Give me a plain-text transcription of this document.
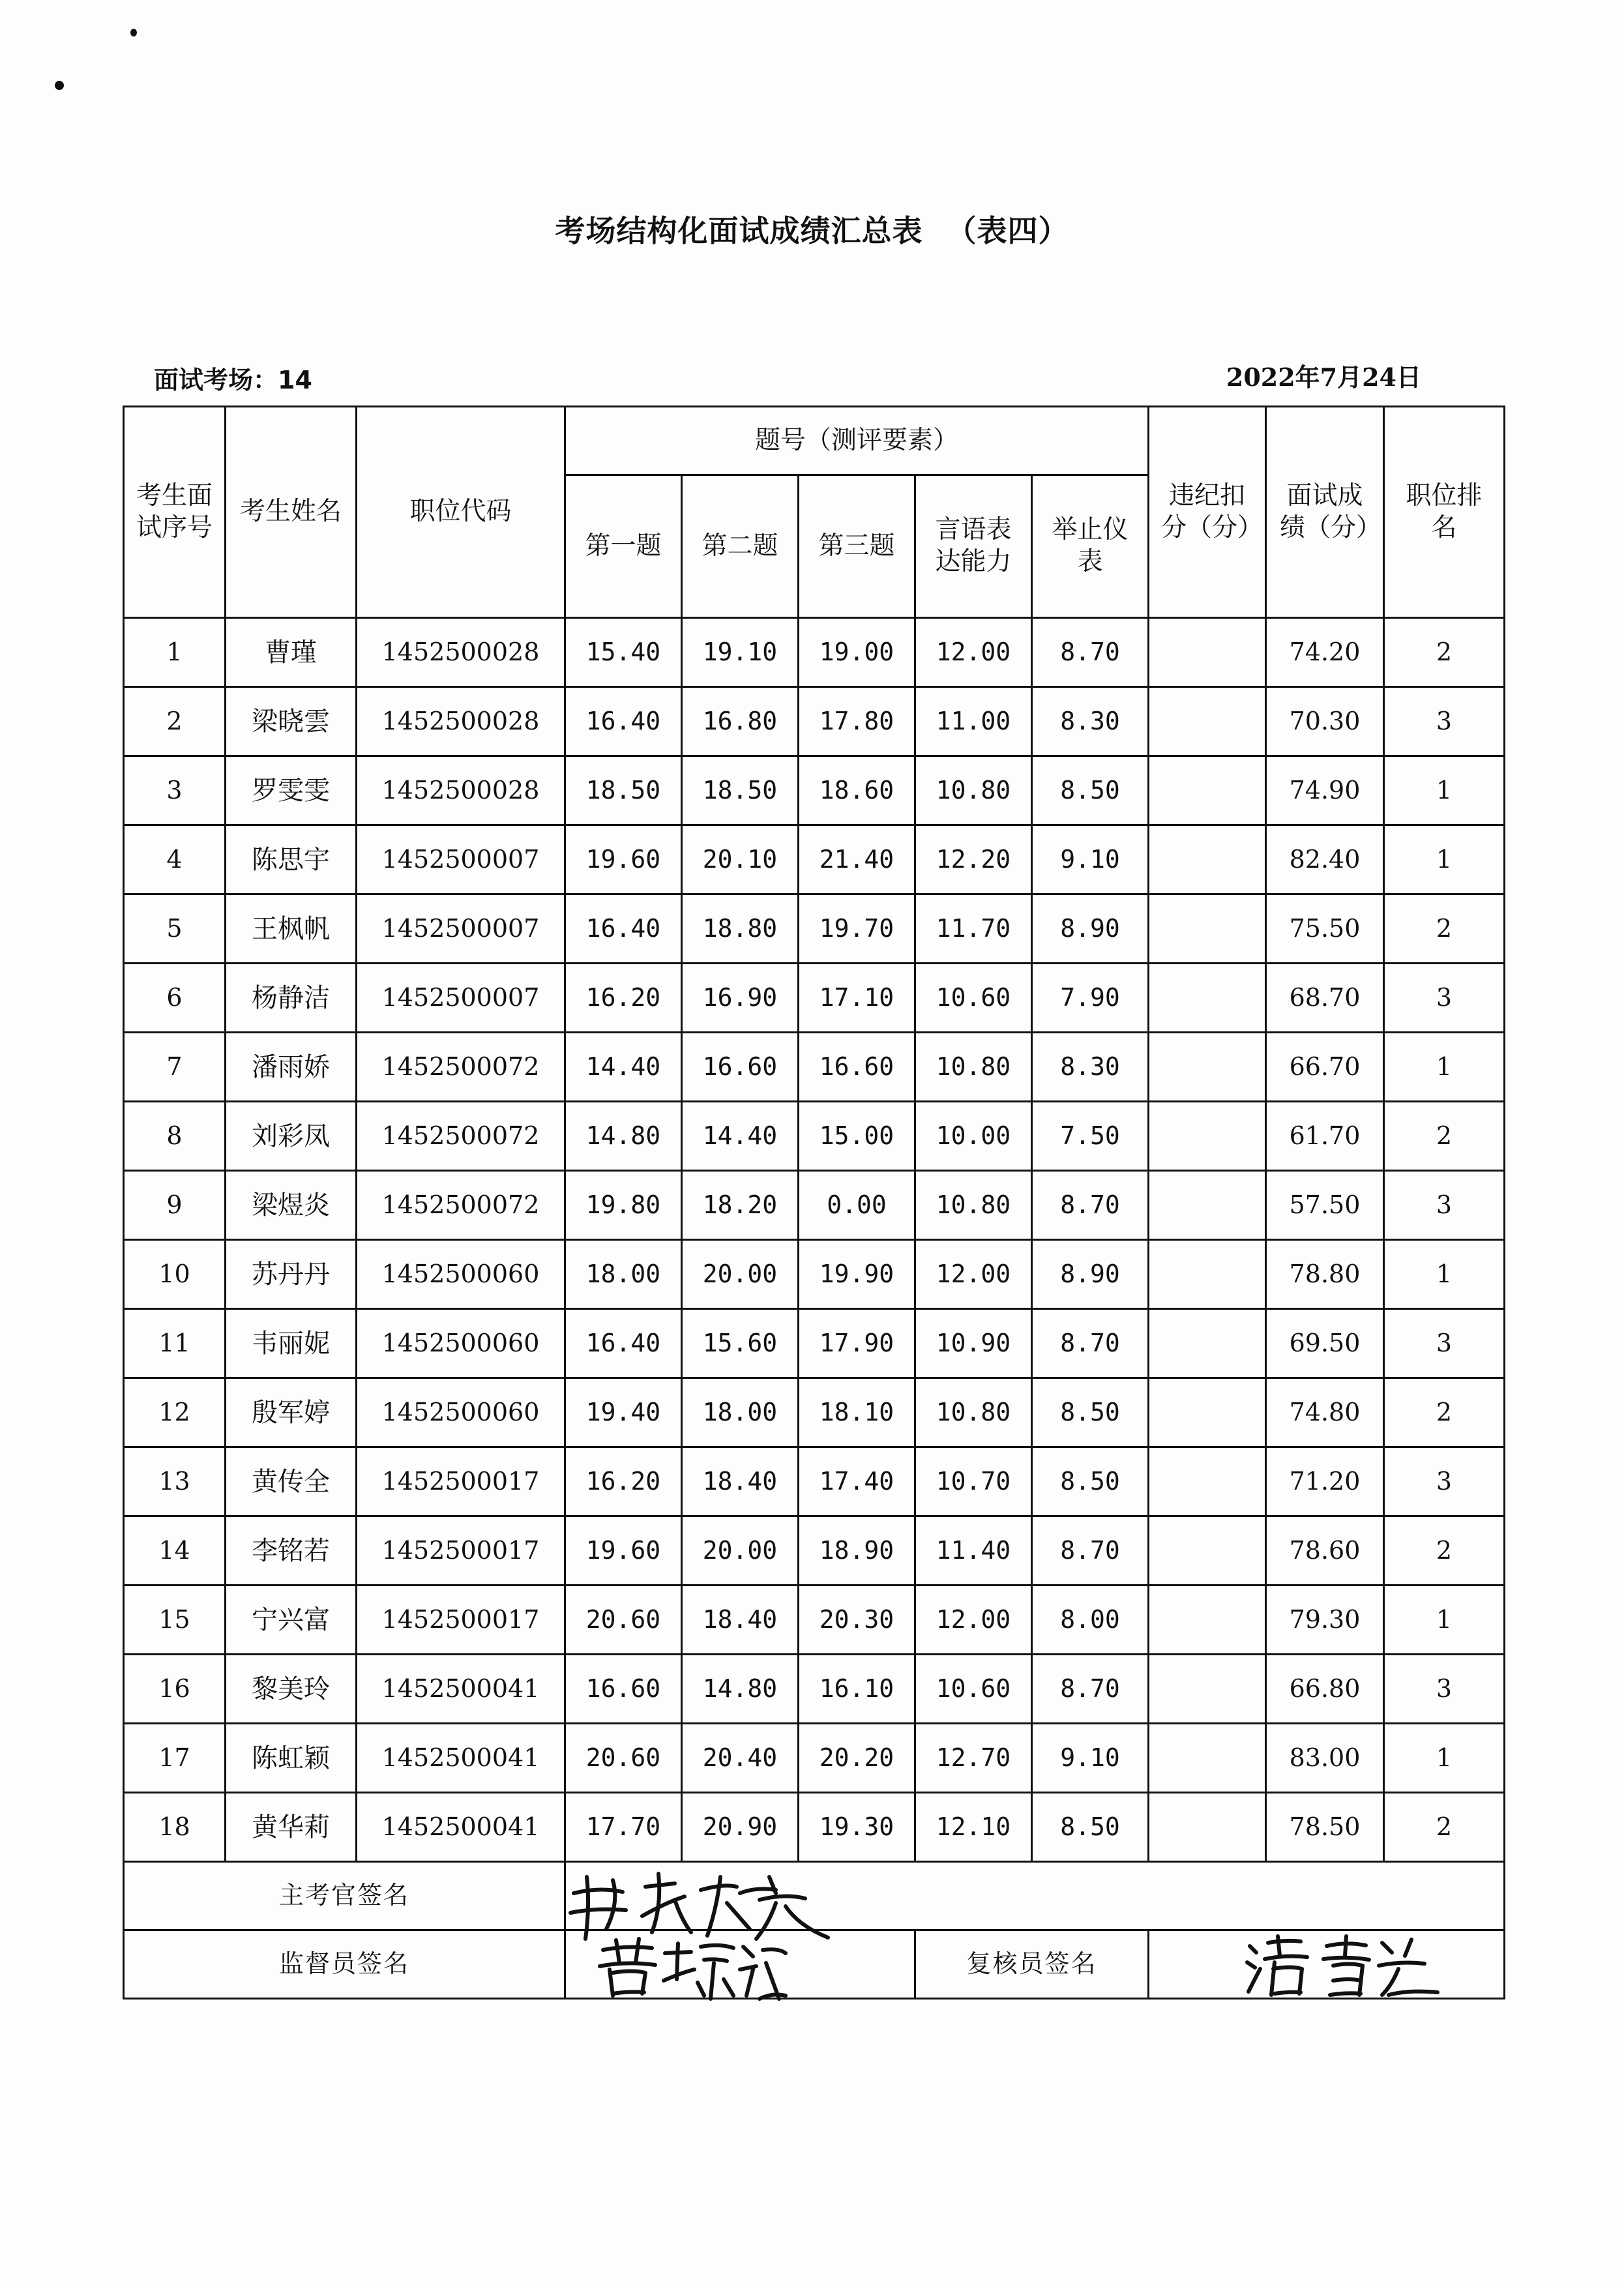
考场结构化面试成绩汇总表 （表四）
面试考场：14	2022年7月24日
考生面试序号	考生姓名	职位代码	题号（测评要素）					违纪扣分（分）	面试成绩（分）	职位排名
			第一题	第二题	第三题	言语表达能力	举止仪表			
1	曹瑾	1452500028	15.40	19.10	19.00	12.00	8.70		74.20	2
2	梁晓雲	1452500028	16.40	16.80	17.80	11.00	8.30		70.30	3
3	罗雯雯	1452500028	18.50	18.50	18.60	10.80	8.50		74.90	1
4	陈思宇	1452500007	19.60	20.10	21.40	12.20	9.10		82.40	1
5	王枫帆	1452500007	16.40	18.80	19.70	11.70	8.90		75.50	2
6	杨静洁	1452500007	16.20	16.90	17.10	10.60	7.90		68.70	3
7	潘雨娇	1452500072	14.40	16.60	16.60	10.80	8.30		66.70	1
8	刘彩凤	1452500072	14.80	14.40	15.00	10.00	7.50		61.70	2
9	梁煜炎	1452500072	19.80	18.20	0.00	10.80	8.70		57.50	3
10	苏丹丹	1452500060	18.00	20.00	19.90	12.00	8.90		78.80	1
11	韦丽妮	1452500060	16.40	15.60	17.90	10.90	8.70		69.50	3
12	殷军婷	1452500060	19.40	18.00	18.10	10.80	8.50		74.80	2
13	黄传全	1452500017	16.20	18.40	17.40	10.70	8.50		71.20	3
14	李铭若	1452500017	19.60	20.00	18.90	11.40	8.70		78.60	2
15	宁兴富	1452500017	20.60	18.40	20.30	12.00	8.00		79.30	1
16	黎美玲	1452500041	16.60	14.80	16.10	10.60	8.70		66.80	3
17	陈虹颖	1452500041	20.60	20.40	20.20	12.70	9.10		83.00	1
18	黄华莉	1452500041	17.70	20.90	19.30	12.10	8.50		78.50	2
主考官签名										
监督员签名						复核员签名				
